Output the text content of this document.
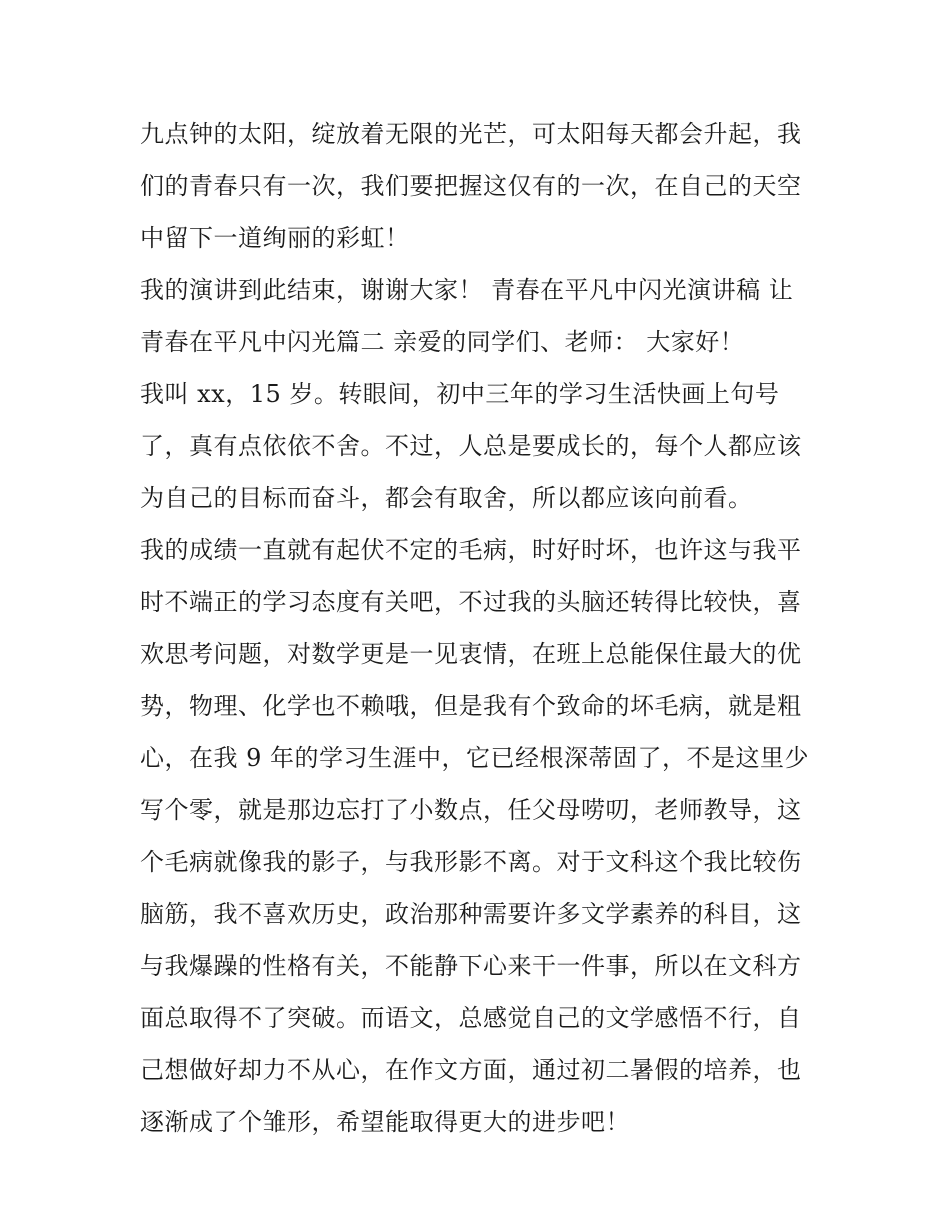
九点钟的太阳，绽放着无限的光芒，可太阳每天都会升起，我
们的青春只有一次，我们要把握这仅有的一次，在自己的天空
中留下一道绚丽的彩虹！
我的演讲到此结束，谢谢大家！ 青春在平凡中闪光演讲稿 让
青春在平凡中闪光篇二 亲爱的同学们、老师： 大家好！
我叫 xx，15 岁。转眼间，初中三年的学习生活快画上句号
了，真有点依依不舍。不过，人总是要成长的，每个人都应该
为自己的目标而奋斗，都会有取舍，所以都应该向前看。
我的成绩一直就有起伏不定的毛病，时好时坏，也许这与我平
时不端正的学习态度有关吧，不过我的头脑还转得比较快，喜
欢思考问题，对数学更是一见衷情，在班上总能保住最大的优
势，物理、化学也不赖哦，但是我有个致命的坏毛病，就是粗
心，在我 9 年的学习生涯中，它已经根深蒂固了，不是这里少
写个零，就是那边忘打了小数点，任父母唠叨，老师教导，这
个毛病就像我的影子，与我形影不离。对于文科这个我比较伤
脑筋，我不喜欢历史，政治那种需要许多文学素养的科目，这
与我爆躁的性格有关，不能静下心来干一件事，所以在文科方
面总取得不了突破。而语文，总感觉自己的文学感悟不行，自
己想做好却力不从心，在作文方面，通过初二暑假的培养，也
逐渐成了个雏形，希望能取得更大的进步吧！
